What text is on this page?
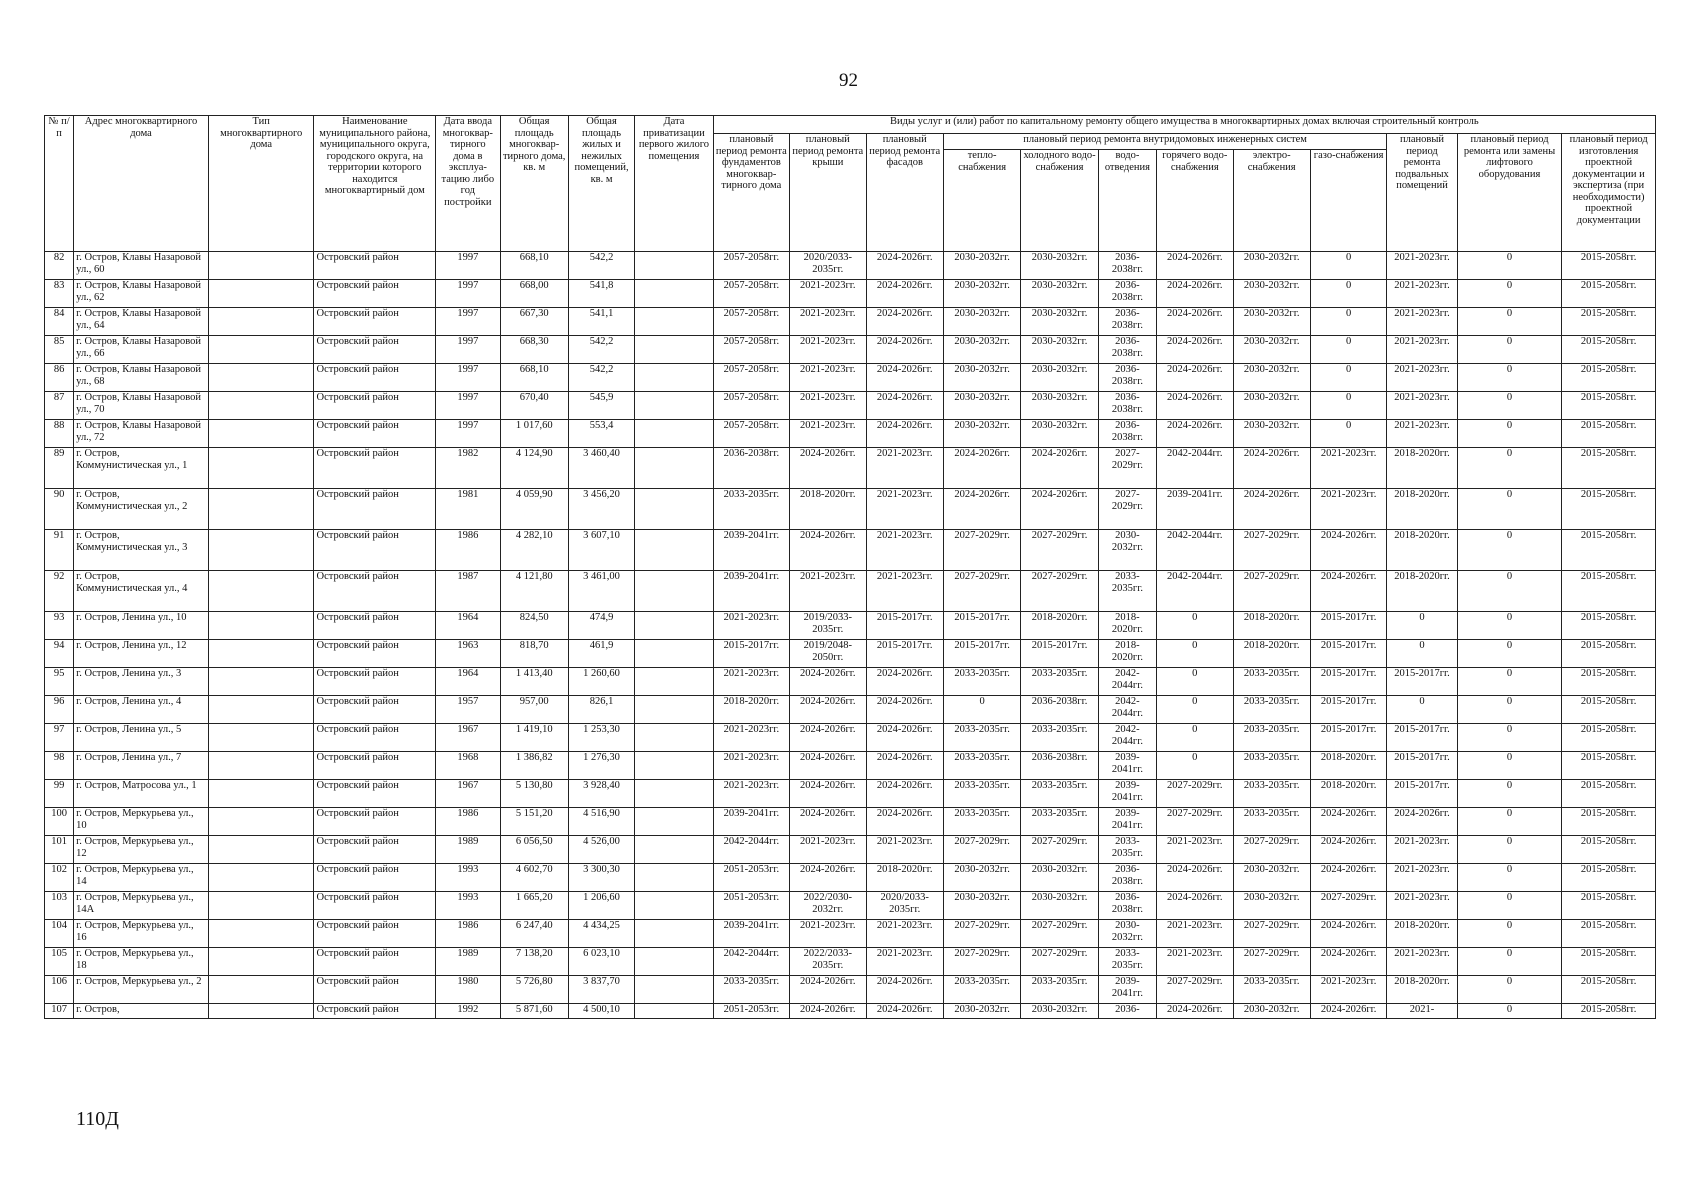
92
№ п/п	Адрес многоквартирного дома	Тип многоквартирного дома	Наименование муниципального района, муниципального округа, городского округа, на территории которого находится многоквартирный дом	Дата ввода многоквар-тирного дома в эксплуа-тацию либо год постройки	Общая площадь многоквар-тирного дома, кв. м	Общая площадь жилых и нежилых помещений, кв. м	Дата приватизации первого жилого помещения	Виды услуг и (или) работ по капитальному ремонту общего имущества в многоквартирных домах включая строительный контроль											
								плановый период ремонта фундаментов многоквар-тирного дома	плановый период ремонта крыши	плановый период ремонта фасадов	плановый период ремонта внутридомовых инженерных систем						плановый период ремонта подвальных помещений	плановый период ремонта или замены лифтового оборудования	плановый период изготовления проектной документации и экспертиза (при необходимости) проектной документации
											тепло-снабжения	холодного водо-снабжения	водо-отведения	горячего водо-снабжения	электро-снабжения	газо-снабжения			
82	г. Остров, Клавы Назаровой ул., 60		Островский район	1997	668,10	542,2		2057-2058гг.	2020/2033-2035гг.	2024-2026гг.	2030-2032гг.	2030-2032гг.	2036-2038гг.	2024-2026гг.	2030-2032гг.	0	2021-2023гг.	0	2015-2058гг.
83	г. Остров, Клавы Назаровой ул., 62		Островский район	1997	668,00	541,8		2057-2058гг.	2021-2023гг.	2024-2026гг.	2030-2032гг.	2030-2032гг.	2036-2038гг.	2024-2026гг.	2030-2032гг.	0	2021-2023гг.	0	2015-2058гг.
84	г. Остров, Клавы Назаровой ул., 64		Островский район	1997	667,30	541,1		2057-2058гг.	2021-2023гг.	2024-2026гг.	2030-2032гг.	2030-2032гг.	2036-2038гг.	2024-2026гг.	2030-2032гг.	0	2021-2023гг.	0	2015-2058гг.
85	г. Остров, Клавы Назаровой ул., 66		Островский район	1997	668,30	542,2		2057-2058гг.	2021-2023гг.	2024-2026гг.	2030-2032гг.	2030-2032гг.	2036-2038гг.	2024-2026гг.	2030-2032гг.	0	2021-2023гг.	0	2015-2058гг.
86	г. Остров, Клавы Назаровой ул., 68		Островский район	1997	668,10	542,2		2057-2058гг.	2021-2023гг.	2024-2026гг.	2030-2032гг.	2030-2032гг.	2036-2038гг.	2024-2026гг.	2030-2032гг.	0	2021-2023гг.	0	2015-2058гг.
87	г. Остров, Клавы Назаровой ул., 70		Островский район	1997	670,40	545,9		2057-2058гг.	2021-2023гг.	2024-2026гг.	2030-2032гг.	2030-2032гг.	2036-2038гг.	2024-2026гг.	2030-2032гг.	0	2021-2023гг.	0	2015-2058гг.
88	г. Остров, Клавы Назаровой ул., 72		Островский район	1997	1 017,60	553,4		2057-2058гг.	2021-2023гг.	2024-2026гг.	2030-2032гг.	2030-2032гг.	2036-2038гг.	2024-2026гг.	2030-2032гг.	0	2021-2023гг.	0	2015-2058гг.
89	г. Остров, Коммунистическая ул., 1		Островский район	1982	4 124,90	3 460,40		2036-2038гг.	2024-2026гг.	2021-2023гг.	2024-2026гг.	2024-2026гг.	2027-2029гг.	2042-2044гг.	2024-2026гг.	2021-2023гг.	2018-2020гг.	0	2015-2058гг.
90	г. Остров, Коммунистическая ул., 2		Островский район	1981	4 059,90	3 456,20		2033-2035гг.	2018-2020гг.	2021-2023гг.	2024-2026гг.	2024-2026гг.	2027-2029гг.	2039-2041гг.	2024-2026гг.	2021-2023гг.	2018-2020гг.	0	2015-2058гг.
91	г. Остров, Коммунистическая ул., 3		Островский район	1986	4 282,10	3 607,10		2039-2041гг.	2024-2026гг.	2021-2023гг.	2027-2029гг.	2027-2029гг.	2030-2032гг.	2042-2044гг.	2027-2029гг.	2024-2026гг.	2018-2020гг.	0	2015-2058гг.
92	г. Остров, Коммунистическая ул., 4		Островский район	1987	4 121,80	3 461,00		2039-2041гг.	2021-2023гг.	2021-2023гг.	2027-2029гг.	2027-2029гг.	2033-2035гг.	2042-2044гг.	2027-2029гг.	2024-2026гг.	2018-2020гг.	0	2015-2058гг.
93	г. Остров, Ленина ул., 10		Островский район	1964	824,50	474,9		2021-2023гг.	2019/2033-2035гг.	2015-2017гг.	2015-2017гг.	2018-2020гг.	2018-2020гг.	0	2018-2020гг.	2015-2017гг.	0	0	2015-2058гг.
94	г. Остров, Ленина ул., 12		Островский район	1963	818,70	461,9		2015-2017гг.	2019/2048-2050гг.	2015-2017гг.	2015-2017гг.	2015-2017гг.	2018-2020гг.	0	2018-2020гг.	2015-2017гг.	0	0	2015-2058гг.
95	г. Остров, Ленина ул., 3		Островский район	1964	1 413,40	1 260,60		2021-2023гг.	2024-2026гг.	2024-2026гг.	2033-2035гг.	2033-2035гг.	2042-2044гг.	0	2033-2035гг.	2015-2017гг.	2015-2017гг.	0	2015-2058гг.
96	г. Остров, Ленина ул., 4		Островский район	1957	957,00	826,1		2018-2020гг.	2024-2026гг.	2024-2026гг.	0	2036-2038гг.	2042-2044гг.	0	2033-2035гг.	2015-2017гг.	0	0	2015-2058гг.
97	г. Остров, Ленина ул., 5		Островский район	1967	1 419,10	1 253,30		2021-2023гг.	2024-2026гг.	2024-2026гг.	2033-2035гг.	2033-2035гг.	2042-2044гг.	0	2033-2035гг.	2015-2017гг.	2015-2017гг.	0	2015-2058гг.
98	г. Остров, Ленина ул., 7		Островский район	1968	1 386,82	1 276,30		2021-2023гг.	2024-2026гг.	2024-2026гг.	2033-2035гг.	2036-2038гг.	2039-2041гг.	0	2033-2035гг.	2018-2020гг.	2015-2017гг.	0	2015-2058гг.
99	г. Остров, Матросова ул., 1		Островский район	1967	5 130,80	3 928,40		2021-2023гг.	2024-2026гг.	2024-2026гг.	2033-2035гг.	2033-2035гг.	2039-2041гг.	2027-2029гг.	2033-2035гг.	2018-2020гг.	2015-2017гг.	0	2015-2058гг.
100	г. Остров, Меркурьева ул., 10		Островский район	1986	5 151,20	4 516,90		2039-2041гг.	2024-2026гг.	2024-2026гг.	2033-2035гг.	2033-2035гг.	2039-2041гг.	2027-2029гг.	2033-2035гг.	2024-2026гг.	2024-2026гг.	0	2015-2058гг.
101	г. Остров, Меркурьева ул., 12		Островский район	1989	6 056,50	4 526,00		2042-2044гг.	2021-2023гг.	2021-2023гг.	2027-2029гг.	2027-2029гг.	2033-2035гг.	2021-2023гг.	2027-2029гг.	2024-2026гг.	2021-2023гг.	0	2015-2058гг.
102	г. Остров, Меркурьева ул., 14		Островский район	1993	4 602,70	3 300,30		2051-2053гг.	2024-2026гг.	2018-2020гг.	2030-2032гг.	2030-2032гг.	2036-2038гг.	2024-2026гг.	2030-2032гг.	2024-2026гг.	2021-2023гг.	0	2015-2058гг.
103	г. Остров, Меркурьева ул., 14А		Островский район	1993	1 665,20	1 206,60		2051-2053гг.	2022/2030-2032гг.	2020/2033-2035гг.	2030-2032гг.	2030-2032гг.	2036-2038гг.	2024-2026гг.	2030-2032гг.	2027-2029гг.	2021-2023гг.	0	2015-2058гг.
104	г. Остров, Меркурьева ул., 16		Островский район	1986	6 247,40	4 434,25		2039-2041гг.	2021-2023гг.	2021-2023гг.	2027-2029гг.	2027-2029гг.	2030-2032гг.	2021-2023гг.	2027-2029гг.	2024-2026гг.	2018-2020гг.	0	2015-2058гг.
105	г. Остров, Меркурьева ул., 18		Островский район	1989	7 138,20	6 023,10		2042-2044гг.	2022/2033-2035гг.	2021-2023гг.	2027-2029гг.	2027-2029гг.	2033-2035гг.	2021-2023гг.	2027-2029гг.	2024-2026гг.	2021-2023гг.	0	2015-2058гг.
106	г. Остров, Меркурьева ул., 2		Островский район	1980	5 726,80	3 837,70		2033-2035гг.	2024-2026гг.	2024-2026гг.	2033-2035гг.	2033-2035гг.	2039-2041гг.	2027-2029гг.	2033-2035гг.	2021-2023гг.	2018-2020гг.	0	2015-2058гг.
107	г. Остров,		Островский район	1992	5 871,60	4 500,10		2051-2053гг.	2024-2026гг.	2024-2026гг.	2030-2032гг.	2030-2032гг.	2036-	2024-2026гг.	2030-2032гг.	2024-2026гг.	2021-	0	2015-2058гг.
110Д
